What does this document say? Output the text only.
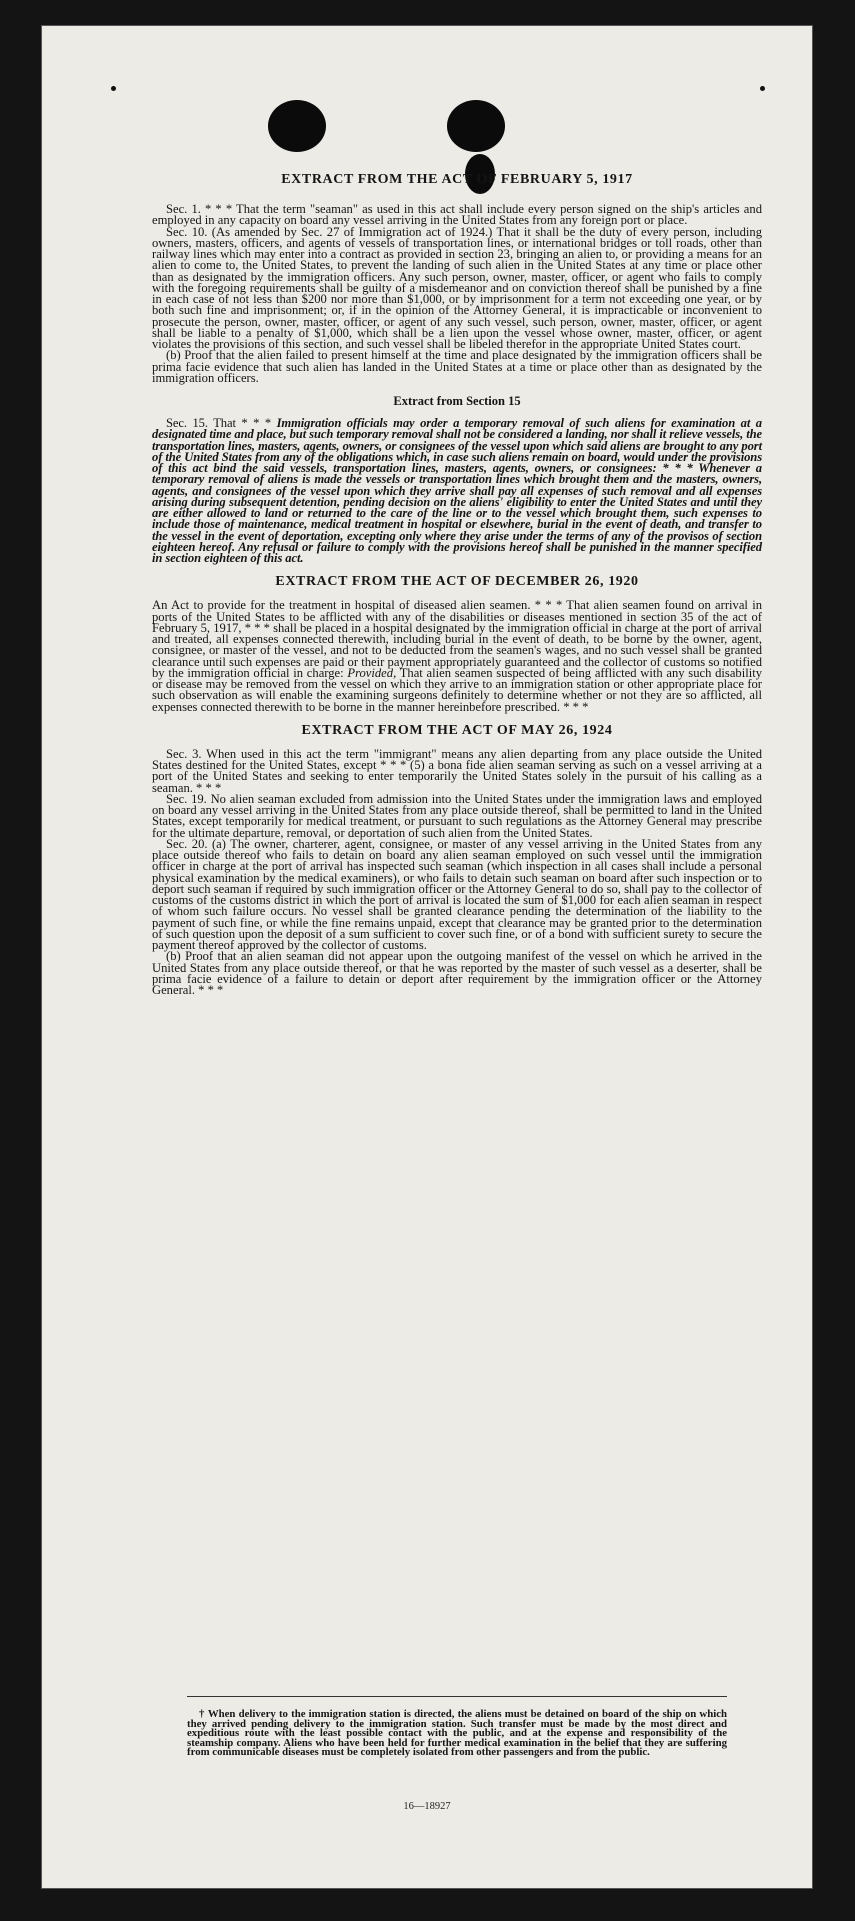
EXTRACT FROM THE ACT OF FEBRUARY 5, 1917

Sec. 1. * * * That the term "seaman" as used in this act shall include every person signed on the ship's articles and employed in any capacity on board any vessel arriving in the United States from any foreign port or place.

Sec. 10. (As amended by Sec. 27 of Immigration act of 1924.) That it shall be the duty of every person, including owners, masters, officers, and agents of vessels of transportation lines, or international bridges or toll roads, other than railway lines which may enter into a contract as provided in section 23, bringing an alien to, or providing a means for an alien to come to, the United States, to prevent the landing of such alien in the United States at any time or place other than as designated by the immigration officers. Any such person, owner, master, officer, or agent who fails to comply with the foregoing requirements shall be guilty of a misdemeanor and on conviction thereof shall be punished by a fine in each case of not less than $200 nor more than $1,000, or by imprisonment for a term not exceeding one year, or by both such fine and imprisonment; or, if in the opinion of the Attorney General, it is impracticable or inconvenient to prosecute the person, owner, master, officer, or agent of any such vessel, such person, owner, master, officer, or agent shall be liable to a penalty of $1,000, which shall be a lien upon the vessel whose owner, master, officer, or agent violates the provisions of this section, and such vessel shall be libeled therefor in the appropriate United States court.

(b) Proof that the alien failed to present himself at the time and place designated by the immigration officers shall be prima facie evidence that such alien has landed in the United States at a time or place other than as designated by the immigration officers.

Extract from Section 15

Sec. 15. That * * * Immigration officials may order a temporary removal of such aliens for examination at a designated time and place, but such temporary removal shall not be considered a landing, nor shall it relieve vessels, the transportation lines, masters, agents, owners, or consignees of the vessel upon which said aliens are brought to any port of the United States from any of the obligations which, in case such aliens remain on board, would under the provisions of this act bind the said vessels, transportation lines, masters, agents, owners, or consignees: * * * Whenever a temporary removal of aliens is made the vessels or transportation lines which brought them and the masters, owners, agents, and consignees of the vessel upon which they arrive shall pay all expenses of such removal and all expenses arising during subsequent detention, pending decision on the aliens' eligibility to enter the United States and until they are either allowed to land or returned to the care of the line or to the vessel which brought them, such expenses to include those of maintenance, medical treatment in hospital or elsewhere, burial in the event of death, and transfer to the vessel in the event of deportation, excepting only where they arise under the terms of any of the provisos of section eighteen hereof. Any refusal or failure to comply with the provisions hereof shall be punished in the manner specified in section eighteen of this act.

EXTRACT FROM THE ACT OF DECEMBER 26, 1920

An Act to provide for the treatment in hospital of diseased alien seamen. * * * That alien seamen found on arrival in ports of the United States to be afflicted with any of the disabilities or diseases mentioned in section 35 of the act of February 5, 1917, * * * shall be placed in a hospital designated by the immigration official in charge at the port of arrival and treated, all expenses connected therewith, including burial in the event of death, to be borne by the owner, agent, consignee, or master of the vessel, and not to be deducted from the seamen's wages, and no such vessel shall be granted clearance until such expenses are paid or their payment appropriately guaranteed and the collector of customs so notified by the immigration official in charge: Provided, That alien seamen suspected of being afflicted with any such disability or disease may be removed from the vessel on which they arrive to an immigration station or other appropriate place for such observation as will enable the examining surgeons definitely to determine whether or not they are so afflicted, all expenses connected therewith to be borne in the manner hereinbefore prescribed. * * *

EXTRACT FROM THE ACT OF MAY 26, 1924

Sec. 3. When used in this act the term "immigrant" means any alien departing from any place outside the United States destined for the United States, except * * * (5) a bona fide alien seaman serving as such on a vessel arriving at a port of the United States and seeking to enter temporarily the United States solely in the pursuit of his calling as a seaman. * * *

Sec. 19. No alien seaman excluded from admission into the United States under the immigration laws and employed on board any vessel arriving in the United States from any place outside thereof, shall be permitted to land in the United States, except temporarily for medical treatment, or pursuant to such regulations as the Attorney General may prescribe for the ultimate departure, removal, or deportation of such alien from the United States.

Sec. 20. (a) The owner, charterer, agent, consignee, or master of any vessel arriving in the United States from any place outside thereof who fails to detain on board any alien seaman employed on such vessel until the immigration officer in charge at the port of arrival has inspected such seaman (which inspection in all cases shall include a personal physical examination by the medical examiners), or who fails to detain such seaman on board after such inspection or to deport such seaman if required by such immigration officer or the Attorney General to do so, shall pay to the collector of customs of the customs district in which the port of arrival is located the sum of $1,000 for each alien seaman in respect of whom such failure occurs. No vessel shall be granted clearance pending the determination of the liability to the payment of such fine, or while the fine remains unpaid, except that clearance may be granted prior to the determination of such question upon the deposit of a sum sufficient to cover such fine, or of a bond with sufficient surety to secure the payment thereof approved by the collector of customs.

(b) Proof that an alien seaman did not appear upon the outgoing manifest of the vessel on which he arrived in the United States from any place outside thereof, or that he was reported by the master of such vessel as a deserter, shall be prima facie evidence of a failure to detain or deport after requirement by the immigration officer or the Attorney General. * * *

† When delivery to the immigration station is directed, the aliens must be detained on board of the ship on which they arrived pending delivery to the immigration station. Such transfer must be made by the most direct and expeditious route with the least possible contact with the public, and at the expense and responsibility of the steamship company. Aliens who have been held for further medical examination in the belief that they are suffering from communicable diseases must be completely isolated from other passengers and from the public.

16—18927
